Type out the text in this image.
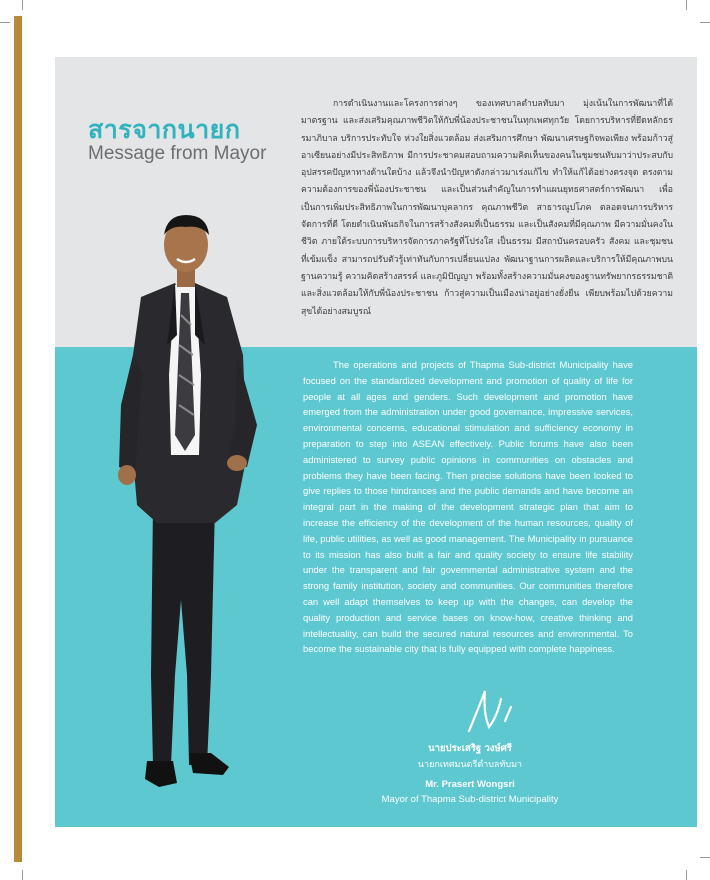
สารจากนายก
Message from Mayor

การดำเนินงานและโครงการต่างๆ ของเทศบาลตำบลทับมา มุ่งเน้นในการพัฒนาที่ได้มาตรฐาน และส่งเสริมคุณภาพชีวิตให้กับพี่น้องประชาชนในทุกเพศทุกวัย โดยการบริหารที่ยึดหลักธรรมาภิบาล บริการประทับใจ ห่วงใยสิ่งแวดล้อม ส่งเสริมการศึกษา พัฒนาเศรษฐกิจพอเพียง พร้อมก้าวสู่อาเซียนอย่างมีประสิทธิภาพ มีการประชาคมสอบถามความคิดเห็นของคนในชุมชนทับมาว่าประสบกับอุปสรรคปัญหาทางด้านใดบ้าง แล้วจึงนำปัญหาดังกล่าวมาเร่งแก้ไข ทำให้แก้ได้อย่างตรงจุด ตรงตามความต้องการของพี่น้องประชาชน และเป็นส่วนสำคัญในการทำแผนยุทธศาสตร์การพัฒนา เพื่อเป็นการเพิ่มประสิทธิภาพในการพัฒนาบุคลากร คุณภาพชีวิต สาธารณูปโภค ตลอดจนการบริหารจัดการที่ดี โดยดำเนินพันธกิจในการสร้างสังคมที่เป็นธรรม และเป็นสังคมที่มีคุณภาพ มีความมั่นคงในชีวิต ภายใต้ระบบการบริหารจัดการภาครัฐที่โปร่งใส เป็นธรรม มีสถาบันครอบครัว สังคม และชุมชนที่เข้มแข็ง สามารถปรับตัวรู้เท่าทันกับการเปลี่ยนแปลง พัฒนาฐานการผลิตและบริการให้มีคุณภาพบนฐานความรู้ ความคิดสร้างสรรค์ และภูมิปัญญา พร้อมทั้งสร้างความมั่นคงของฐานทรัพยากรธรรมชาติและสิ่งแวดล้อมให้กับพี่น้องประชาชน ก้าวสู่ความเป็นเมืองน่าอยู่อย่างยั่งยืน เพียบพร้อมไปด้วยความสุขได้อย่างสมบูรณ์

The operations and projects of Thapma Sub-district Municipality have focused on the standardized development and promotion of quality of life for people at all ages and genders. Such development and promotion have emerged from the administration under good governance, impressive services, environmental concerns, educational stimulation and sufficiency economy in preparation to step into ASEAN effectively. Public forums have also been administered to survey public opinions in communities on obstacles and problems they have been facing. Then precise solutions have been looked to give replies to those hindrances and the public demands and have become an integral part in the making of the development strategic plan that aim to increase the efficiency of the development of the human resources, quality of life, public utilities, as well as good management. The Municipality in pursuance to its mission has also built a fair and quality society to ensure life stability under the transparent and fair governmental administrative system and the strong family institution, society and communities. Our communities therefore can well adapt themselves to keep up with the changes, can develop the quality production and service bases on know-how, creative thinking and intellectuality, can build the secured natural resources and environmental. To become the sustainable city that is fully equipped with complete happiness.

นายประเสริฐ วงษ์ศรี
นายกเทศมนตรีตำบลทับมา
Mr. Prasert Wongsri
Mayor of Thapma Sub-district Municipality
